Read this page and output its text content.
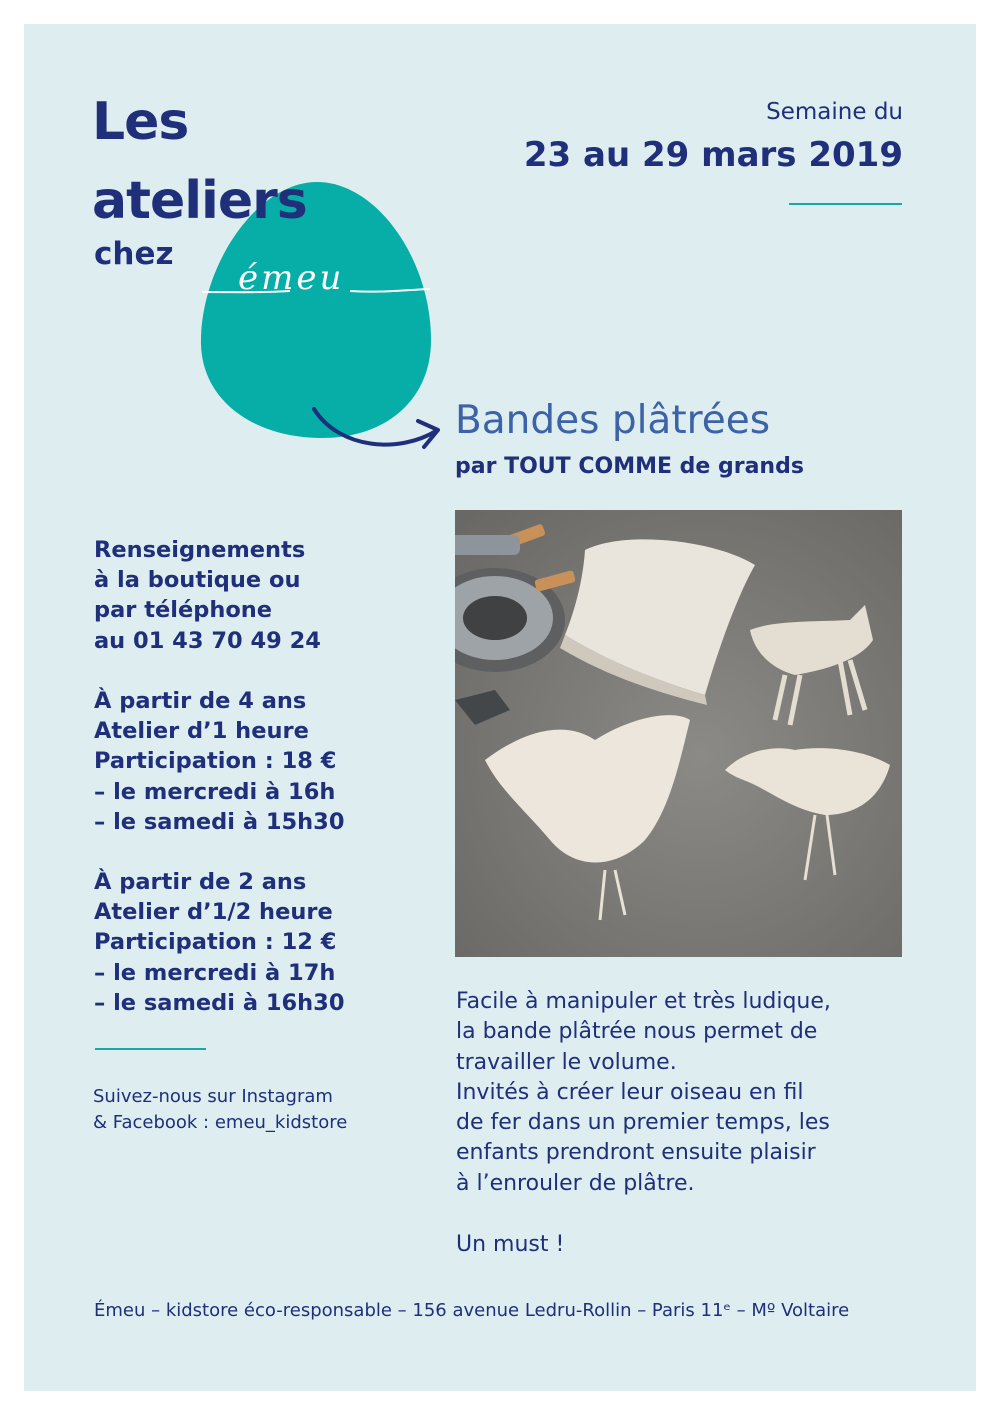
Les
ateliers
chez
émeu
Semaine du
23 au 29 mars 2019
Bandes plâtrées
par TOUT COMME de grands
Renseignements
à la boutique ou
par téléphone
au 01 43 70 49 24
À partir de 4 ans
Atelier d’1 heure
Participation : 18 €
– le mercredi à 16h
– le samedi à 15h30
À partir de 2 ans
Atelier d’1/2 heure
Participation : 12 €
– le mercredi à 17h
– le samedi à 16h30
Suivez-nous sur Instagram
& Facebook : emeu_kidstore
Facile à manipuler et très ludique,
la bande plâtrée nous permet de
travailler le volume.
Invités à créer leur oiseau en fil
de fer dans un premier temps, les
enfants prendront ensuite plaisir
à l’enrouler de plâtre.
Un must !
Émeu – kidstore éco-responsable – 156 avenue Ledru-Rollin – Paris 11ᵉ – Mº Voltaire
